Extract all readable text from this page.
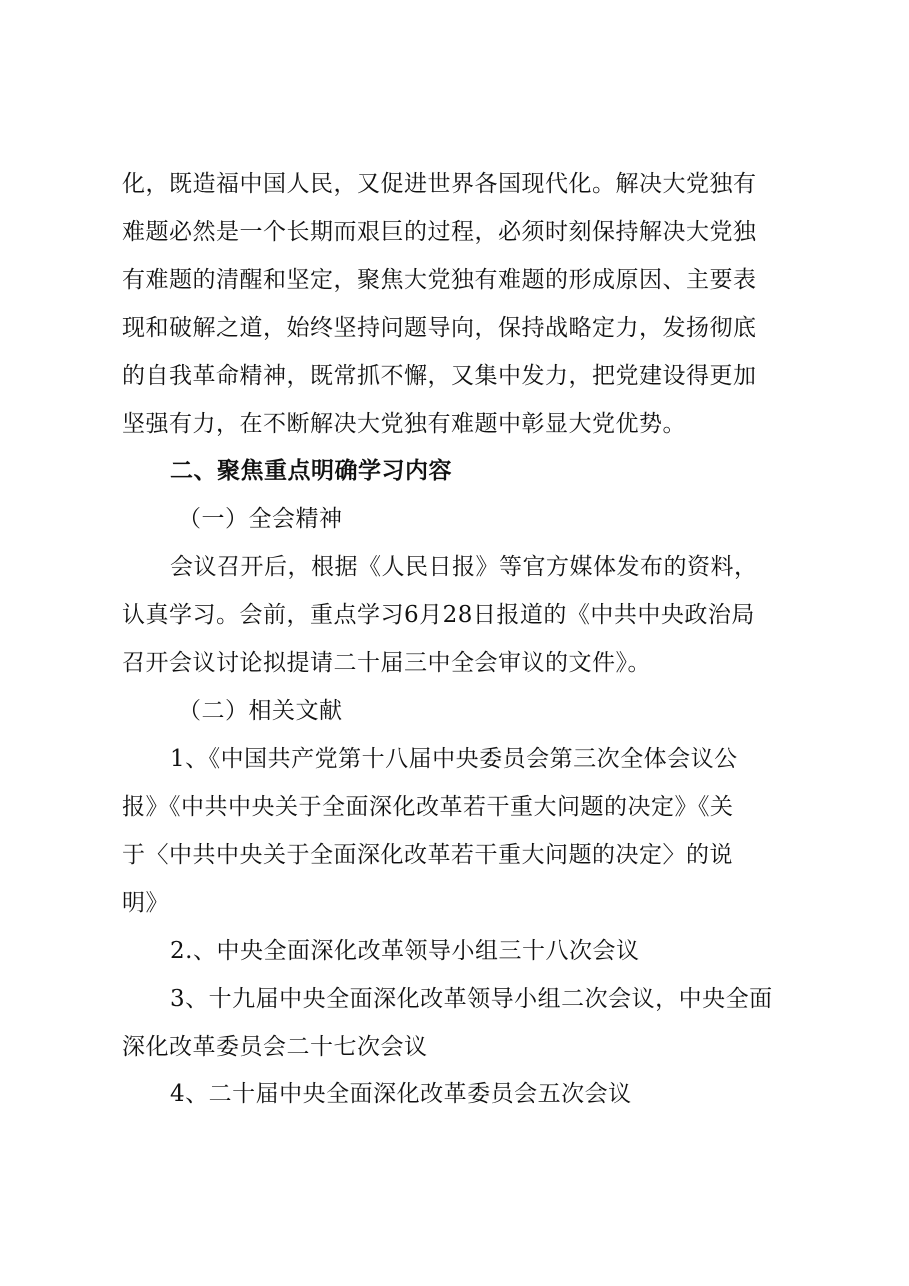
化，既造福中国人民，又促进世界各国现代化。解决大党独有
难题必然是一个长期而艰巨的过程，必须时刻保持解决大党独
有难题的清醒和坚定，聚焦大党独有难题的形成原因、主要表
现和破解之道，始终坚持问题导向，保持战略定力，发扬彻底
的自我革命精神，既常抓不懈，又集中发力，把党建设得更加
坚强有力，在不断解决大党独有难题中彰显大党优势。
二、聚焦重点明确学习内容
（一）全会精神
会议召开后，根据《人民日报》等官方媒体发布的资料，
认真学习。会前，重点学习6月28日报道的《中共中央政治局
召开会议讨论拟提请二十届三中全会审议的文件》。
（二）相关文献
1、《中国共产党第十八届中央委员会第三次全体会议公
报》《中共中央关于全面深化改革若干重大问题的决定》《关
于〈中共中央关于全面深化改革若干重大问题的决定〉的说
明》
2.、中央全面深化改革领导小组三十八次会议
3、十九届中央全面深化改革领导小组二次会议，中央全面
深化改革委员会二十七次会议
4、二十届中央全面深化改革委员会五次会议
